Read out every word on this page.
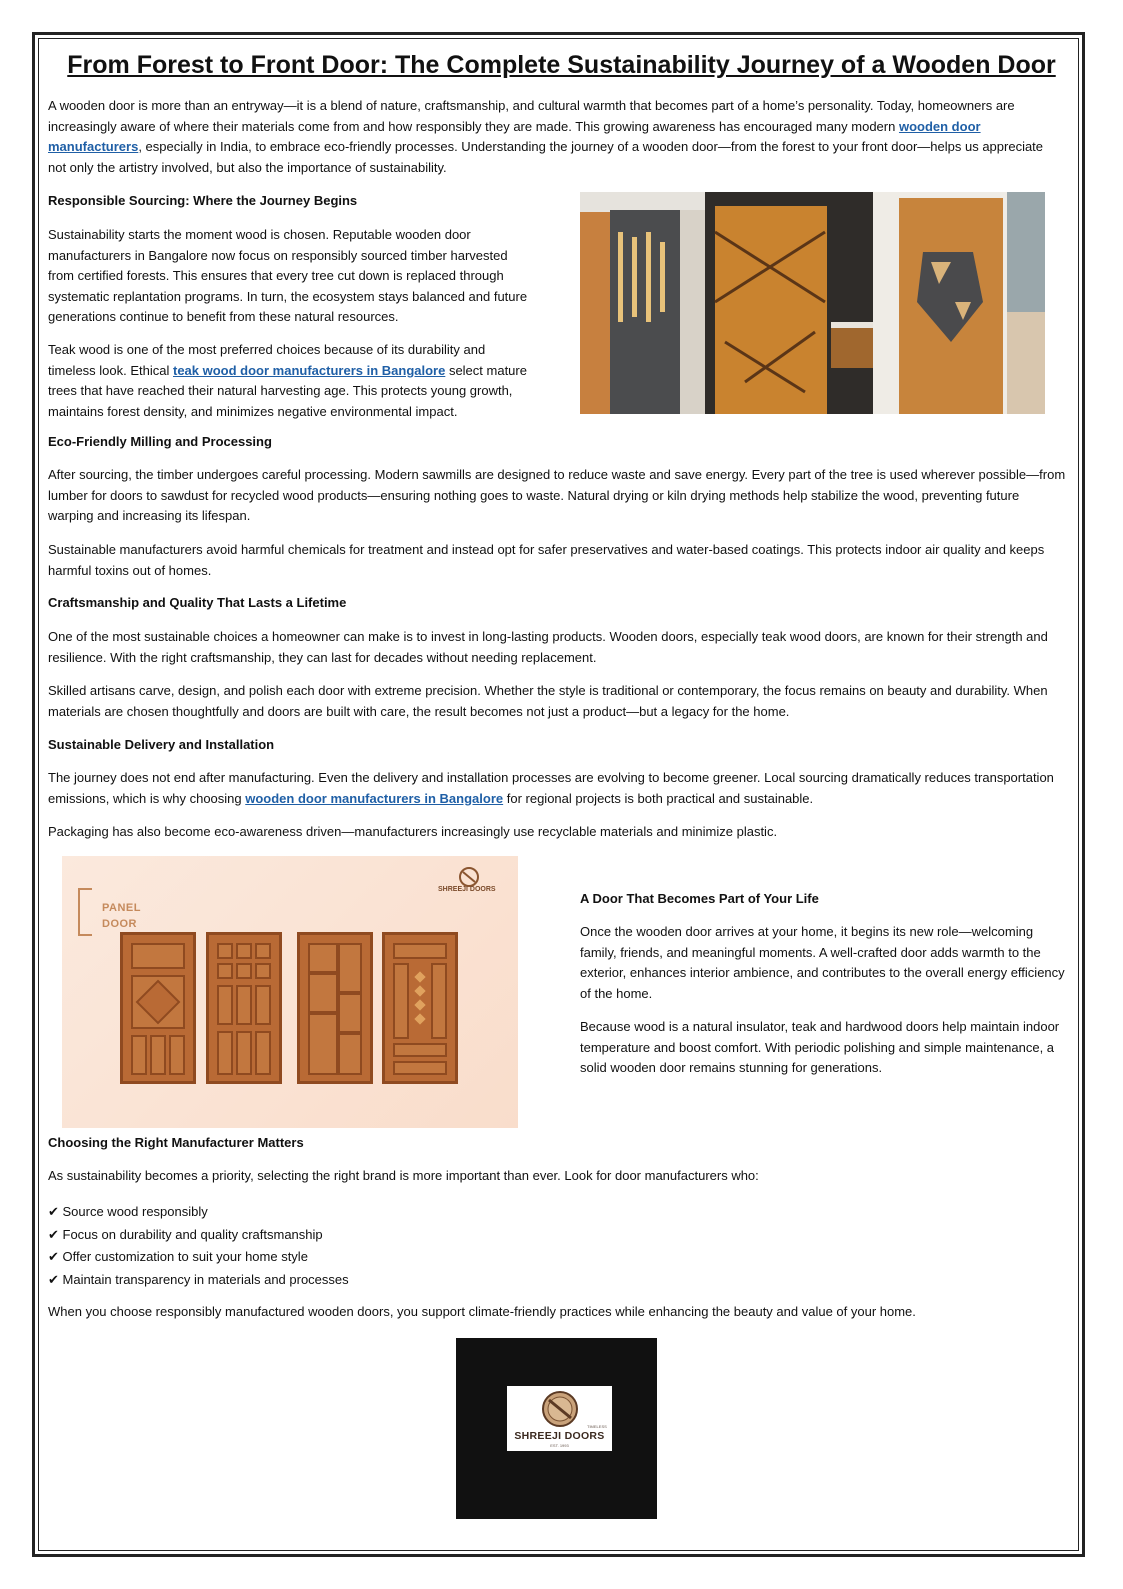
From Forest to Front Door: The Complete Sustainability Journey of a Wooden Door

A wooden door is more than an entryway—it is a blend of nature, craftsmanship, and cultural warmth that becomes part of a home’s personality. Today, homeowners are increasingly aware of where their materials come from and how responsibly they are made. This growing awareness has encouraged many modern wooden door manufacturers, especially in India, to embrace eco-friendly processes. Understanding the journey of a wooden door—from the forest to your front door—helps us appreciate not only the artistry involved, but also the importance of sustainability.

Responsible Sourcing: Where the Journey Begins

Sustainability starts the moment wood is chosen. Reputable wooden door manufacturers in Bangalore now focus on responsibly sourced timber harvested from certified forests. This ensures that every tree cut down is replaced through systematic replantation programs. In turn, the ecosystem stays balanced and future generations continue to benefit from these natural resources.

Teak wood is one of the most preferred choices because of its durability and timeless look. Ethical teak wood door manufacturers in Bangalore select mature trees that have reached their natural harvesting age. This protects young growth, maintains forest density, and minimizes negative environmental impact.

Eco-Friendly Milling and Processing

After sourcing, the timber undergoes careful processing. Modern sawmills are designed to reduce waste and save energy. Every part of the tree is used wherever possible—from lumber for doors to sawdust for recycled wood products—ensuring nothing goes to waste. Natural drying or kiln drying methods help stabilize the wood, preventing future warping and increasing its lifespan.

Sustainable manufacturers avoid harmful chemicals for treatment and instead opt for safer preservatives and water-based coatings. This protects indoor air quality and keeps harmful toxins out of homes.

Craftsmanship and Quality That Lasts a Lifetime

One of the most sustainable choices a homeowner can make is to invest in long-lasting products. Wooden doors, especially teak wood doors, are known for their strength and resilience. With the right craftsmanship, they can last for decades without needing replacement.

Skilled artisans carve, design, and polish each door with extreme precision. Whether the style is traditional or contemporary, the focus remains on beauty and durability. When materials are chosen thoughtfully and doors are built with care, the result becomes not just a product—but a legacy for the home.

Sustainable Delivery and Installation

The journey does not end after manufacturing. Even the delivery and installation processes are evolving to become greener. Local sourcing dramatically reduces transportation emissions, which is why choosing wooden door manufacturers in Bangalore for regional projects is both practical and sustainable.

Packaging has also become eco-awareness driven—manufacturers increasingly use recyclable materials and minimize plastic.

PANEL
DOOR
SHREEJI DOORS
A Door That Becomes Part of Your Life

Once the wooden door arrives at your home, it begins its new role—welcoming family, friends, and meaningful moments. A well-crafted door adds warmth to the exterior, enhances interior ambience, and contributes to the overall energy efficiency of the home.

Because wood is a natural insulator, teak and hardwood doors help maintain indoor temperature and boost comfort. With periodic polishing and simple maintenance, a solid wooden door remains stunning for generations.

Choosing the Right Manufacturer Matters

As sustainability becomes a priority, selecting the right brand is more important than ever. Look for door manufacturers who:

✔ Source wood responsibly

✔ Focus on durability and quality craftsmanship

✔ Offer customization to suit your home style

✔ Maintain transparency in materials and processes

When you choose responsibly manufactured wooden doors, you support climate-friendly practices while enhancing the beauty and value of your home.

TIMELESS
SHREEJI DOORS
EST. 1993
